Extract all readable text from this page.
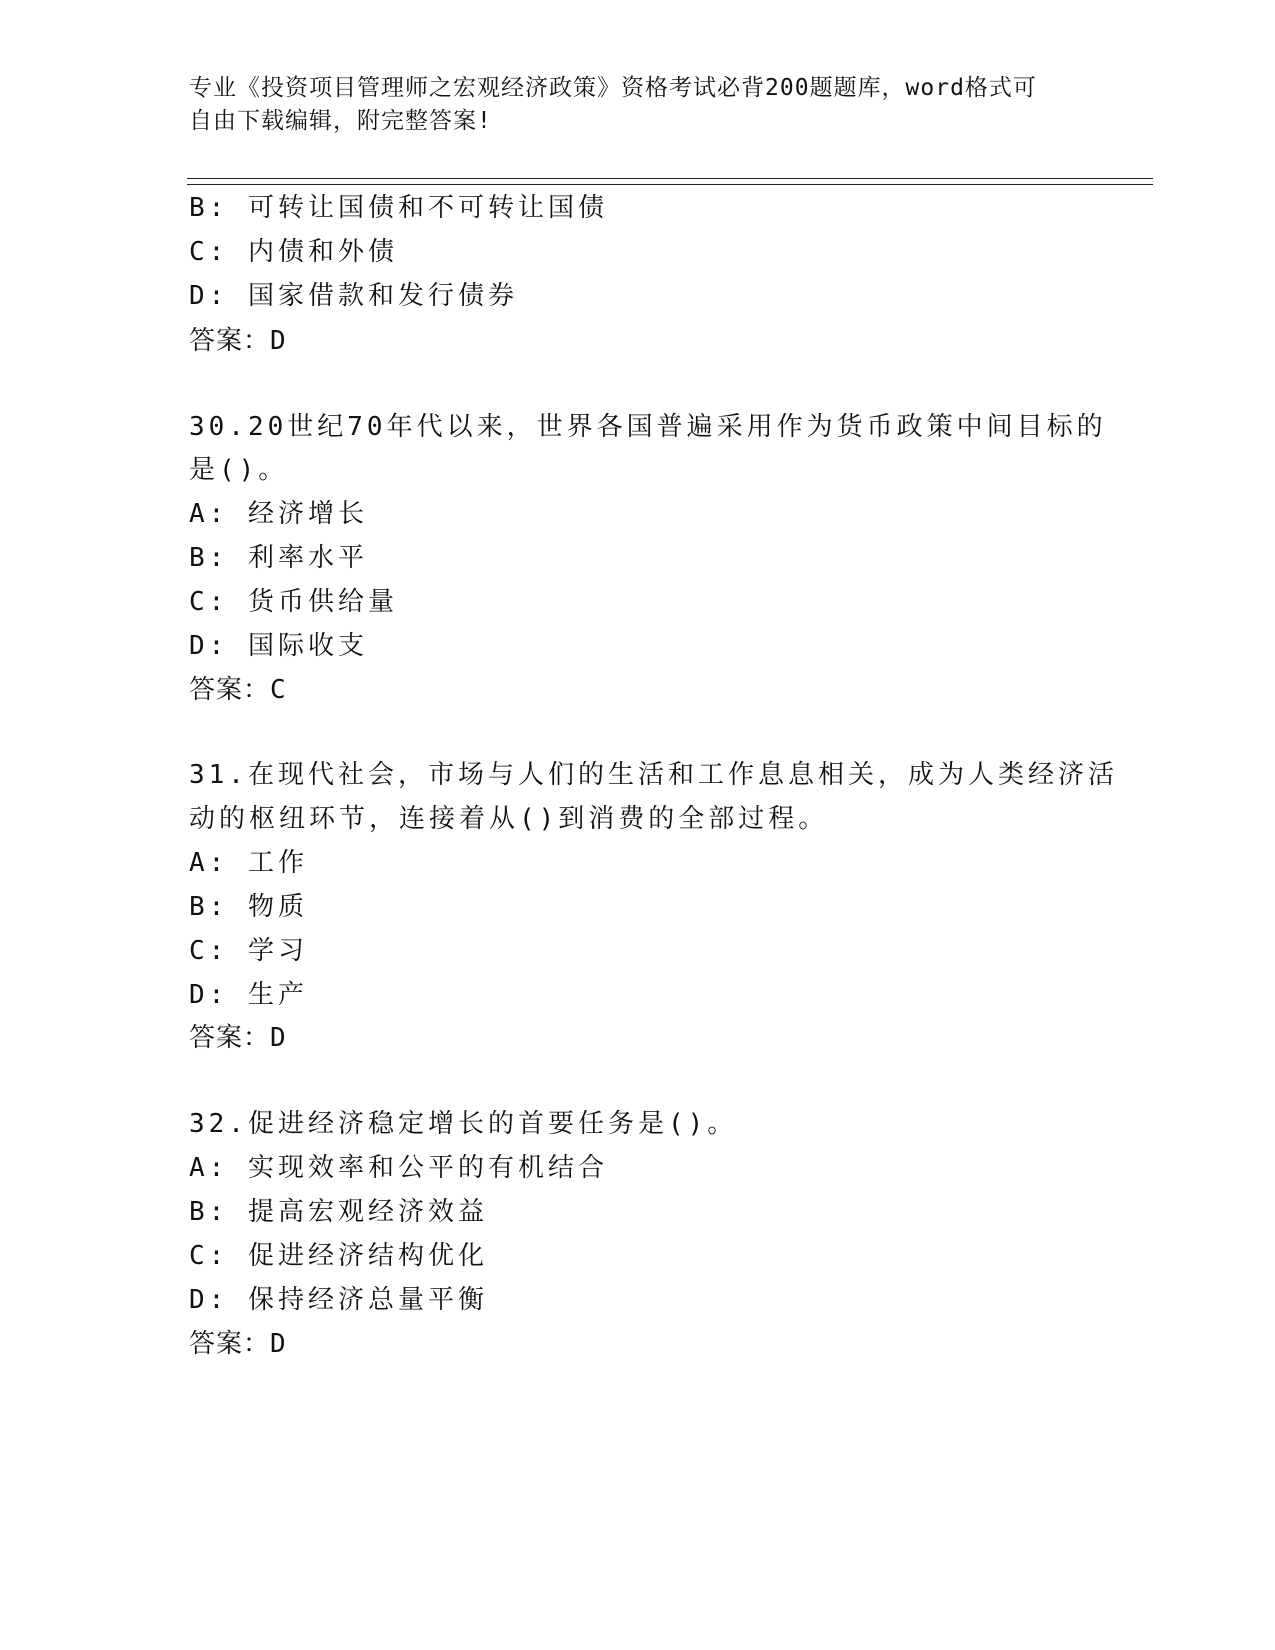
专业《投资项目管理师之宏观经济政策》资格考试必背200题题库，word格式可
自由下载编辑，附完整答案!
B: 可转让国债和不可转让国债
C: 内债和外债
D: 国家借款和发行债券
答案：D
30.20世纪70年代以来，世界各国普遍采用作为货币政策中间目标的
是()。
A: 经济增长
B: 利率水平
C: 货币供给量
D: 国际收支
答案：C
31.在现代社会，市场与人们的生活和工作息息相关，成为人类经济活
动的枢纽环节，连接着从()到消费的全部过程。
A: 工作
B: 物质
C: 学习
D: 生产
答案：D
32.促进经济稳定增长的首要任务是()。
A: 实现效率和公平的有机结合
B: 提高宏观经济效益
C: 促进经济结构优化
D: 保持经济总量平衡
答案：D
